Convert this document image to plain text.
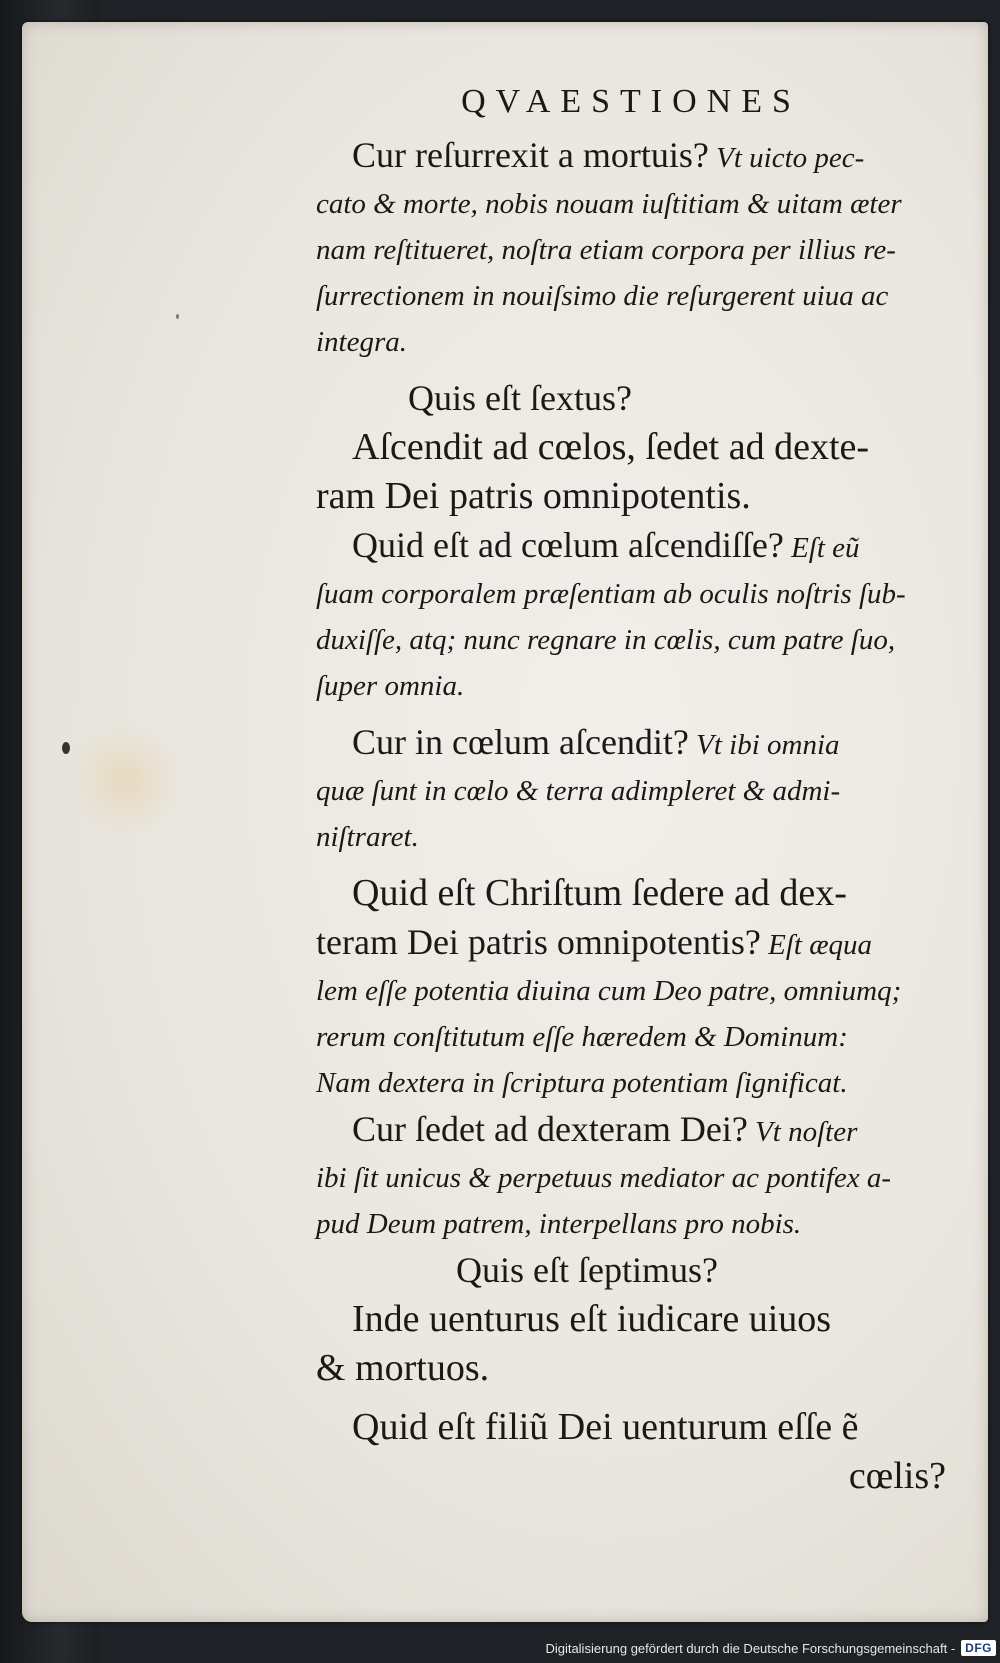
QVAESTIONES
Cur reſurrexit a mortuis? Vt uicto pec-
cato & morte, nobis nouam iuſtitiam & uitam æter
nam reſtitueret, noſtra etiam corpora per illius re-
ſurrectionem in nouiſsimo die reſurgerent uiua ac
integra.
Quis eſt ſextus?
Aſcendit ad cœlos, ſedet ad dexte-
ram Dei patris omnipotentis.
Quid eſt ad cœlum aſcendiſſe? Eſt eũ
ſuam corporalem præſentiam ab oculis noſtris ſub-
duxiſſe, atq; nunc regnare in cœlis, cum patre ſuo,
ſuper omnia.
Cur in cœlum aſcendit? Vt ibi omnia
quæ ſunt in cœlo & terra adimpleret & admi-
niſtraret.
Quid eſt Chriſtum ſedere ad dex-
teram Dei patris omnipotentis? Eſt æqua
lem eſſe potentia diuina cum Deo patre, omniumq;
rerum conſtitutum eſſe hæredem & Dominum:
Nam dextera in ſcriptura potentiam ſignificat.
Cur ſedet ad dexteram Dei? Vt noſter
ibi ſit unicus & perpetuus mediator ac pontifex a-
pud Deum patrem, interpellans pro nobis.
Quis eſt ſeptimus?
Inde uenturus eſt iudicare uiuos
& mortuos.
Quid eſt filiũ Dei uenturum eſſe ẽ
cœlis?
Digitalisierung gefördert durch die Deutsche Forschungsgemeinschaft - DFG
